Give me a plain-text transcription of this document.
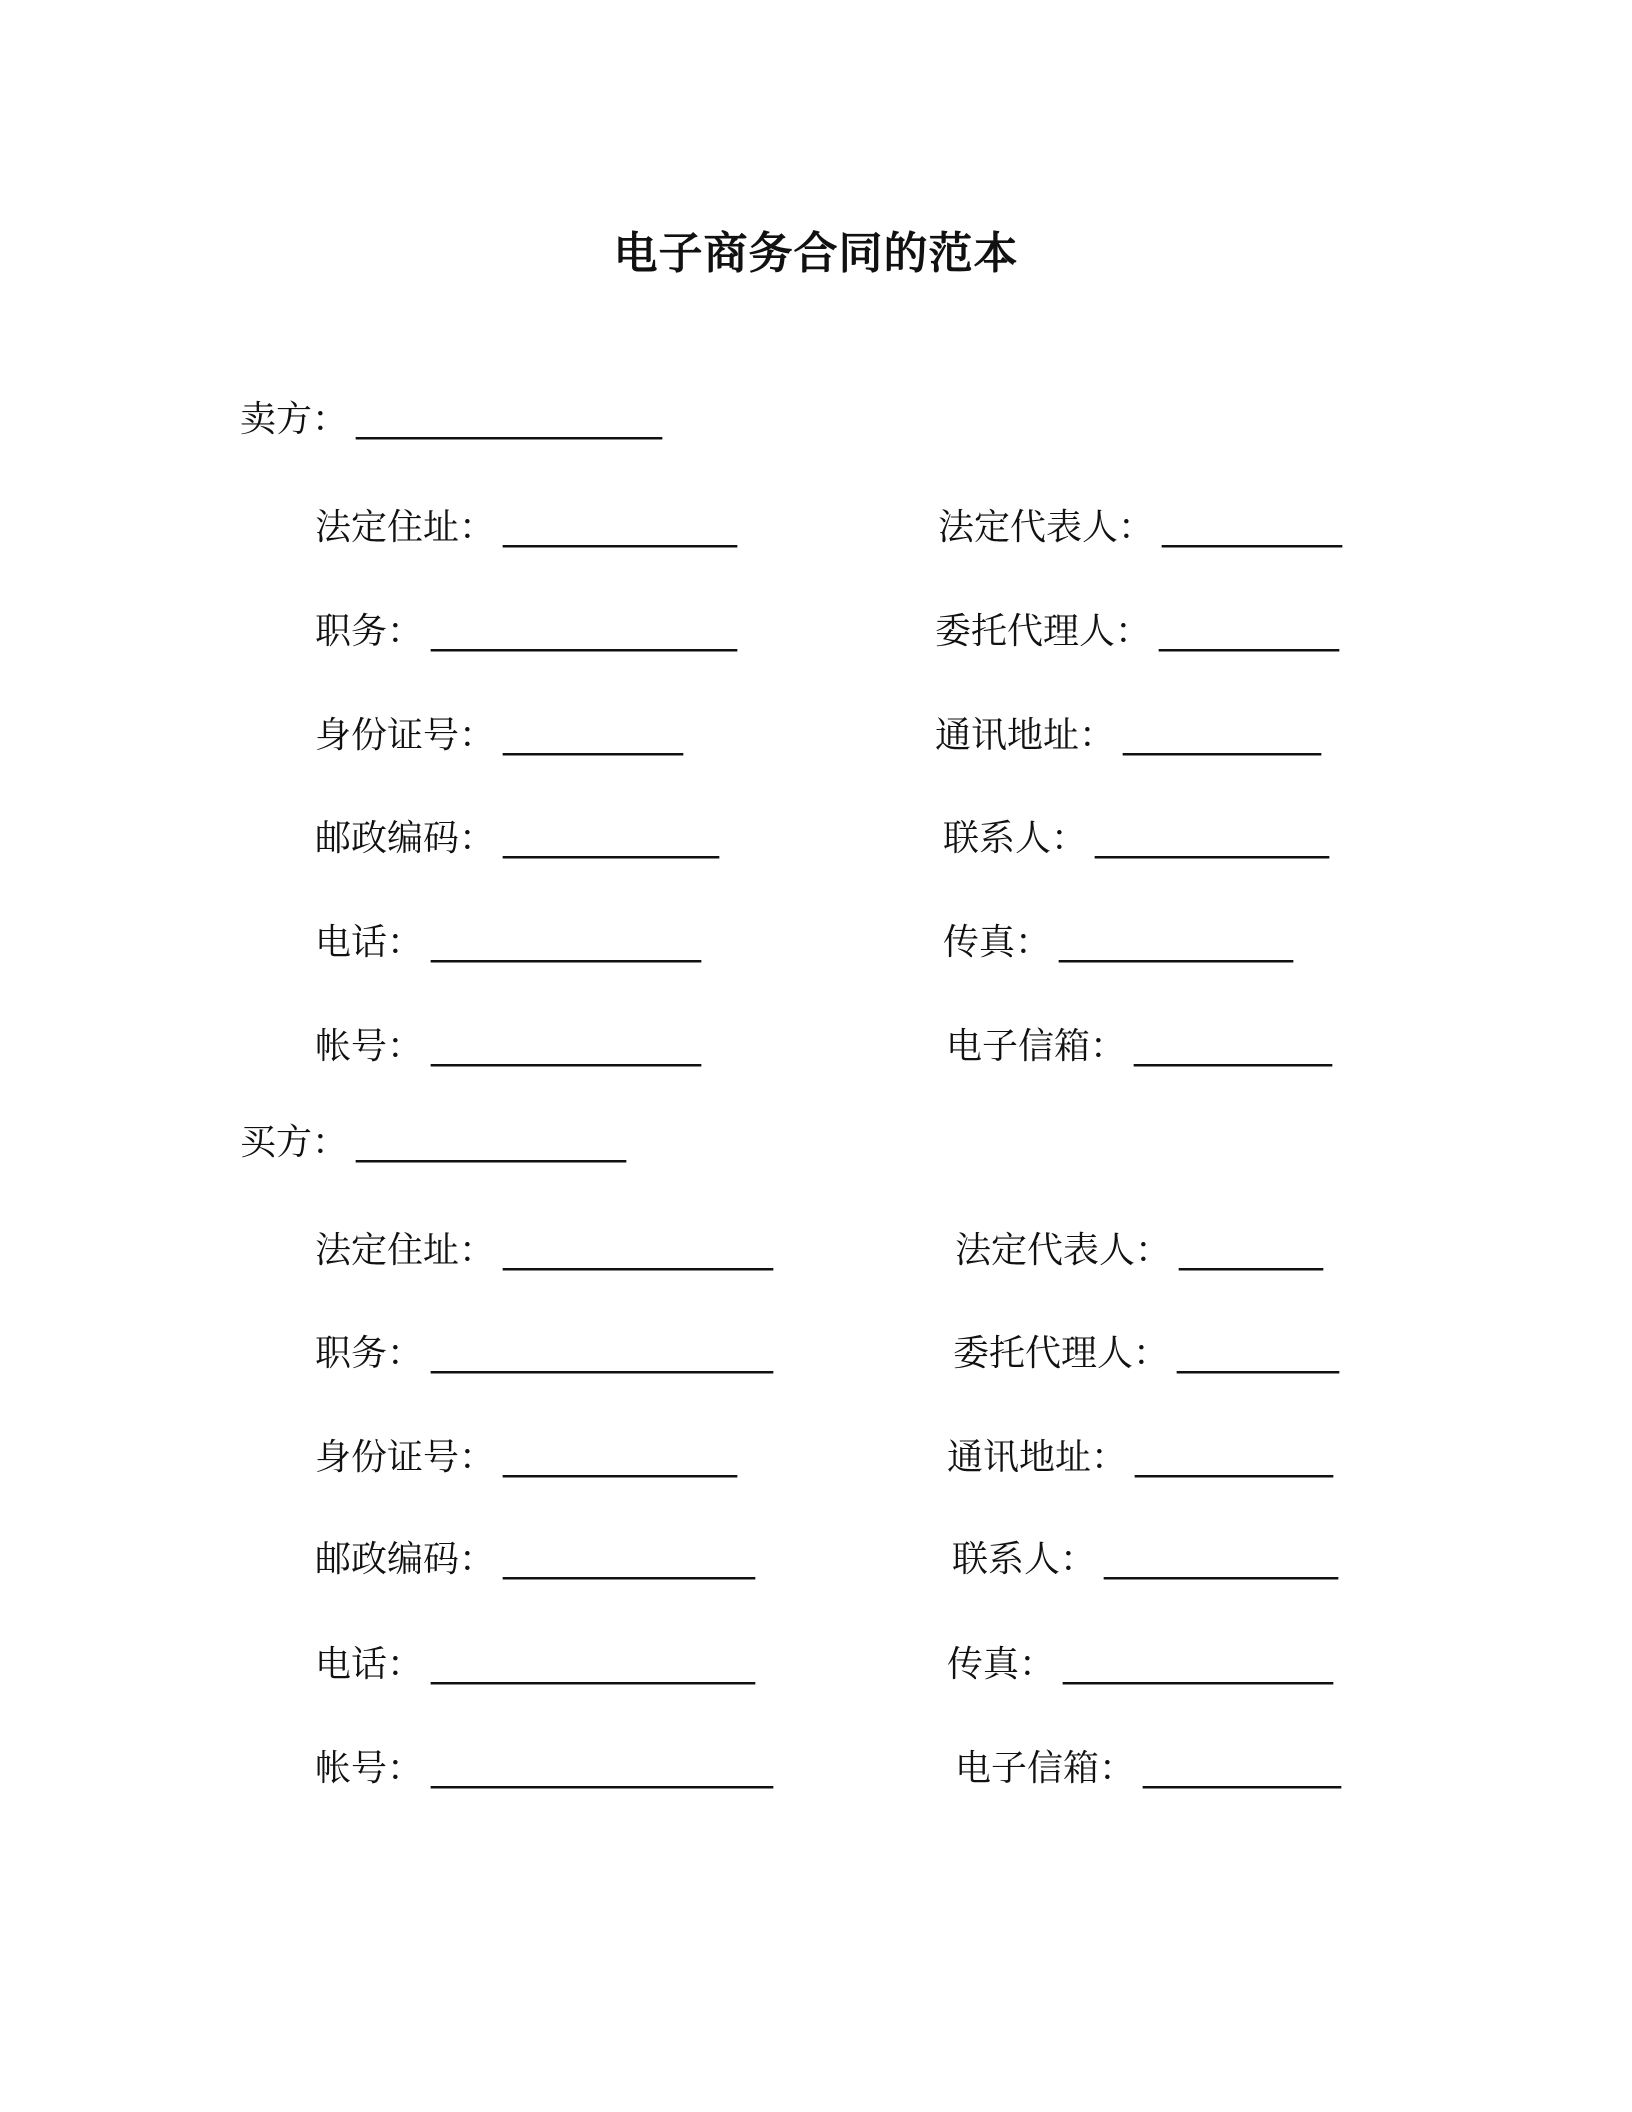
电子商务合同的范本
卖方： _________________
法定住址： _____________	法定代表人： __________
职务： _________________	委托代理人： __________
身份证号： __________	通讯地址： ___________
邮政编码： ____________	联系人： _____________
电话： _______________	传真： _____________
帐号： _______________	电子信箱： ___________
买方： _______________
法定住址： _______________	法定代表人： ________
职务： ___________________	委托代理人： _________
身份证号： _____________	通讯地址： ___________
邮政编码： ______________	联系人： _____________
电话： __________________	传真： _______________
帐号： ___________________	电子信箱： ___________
